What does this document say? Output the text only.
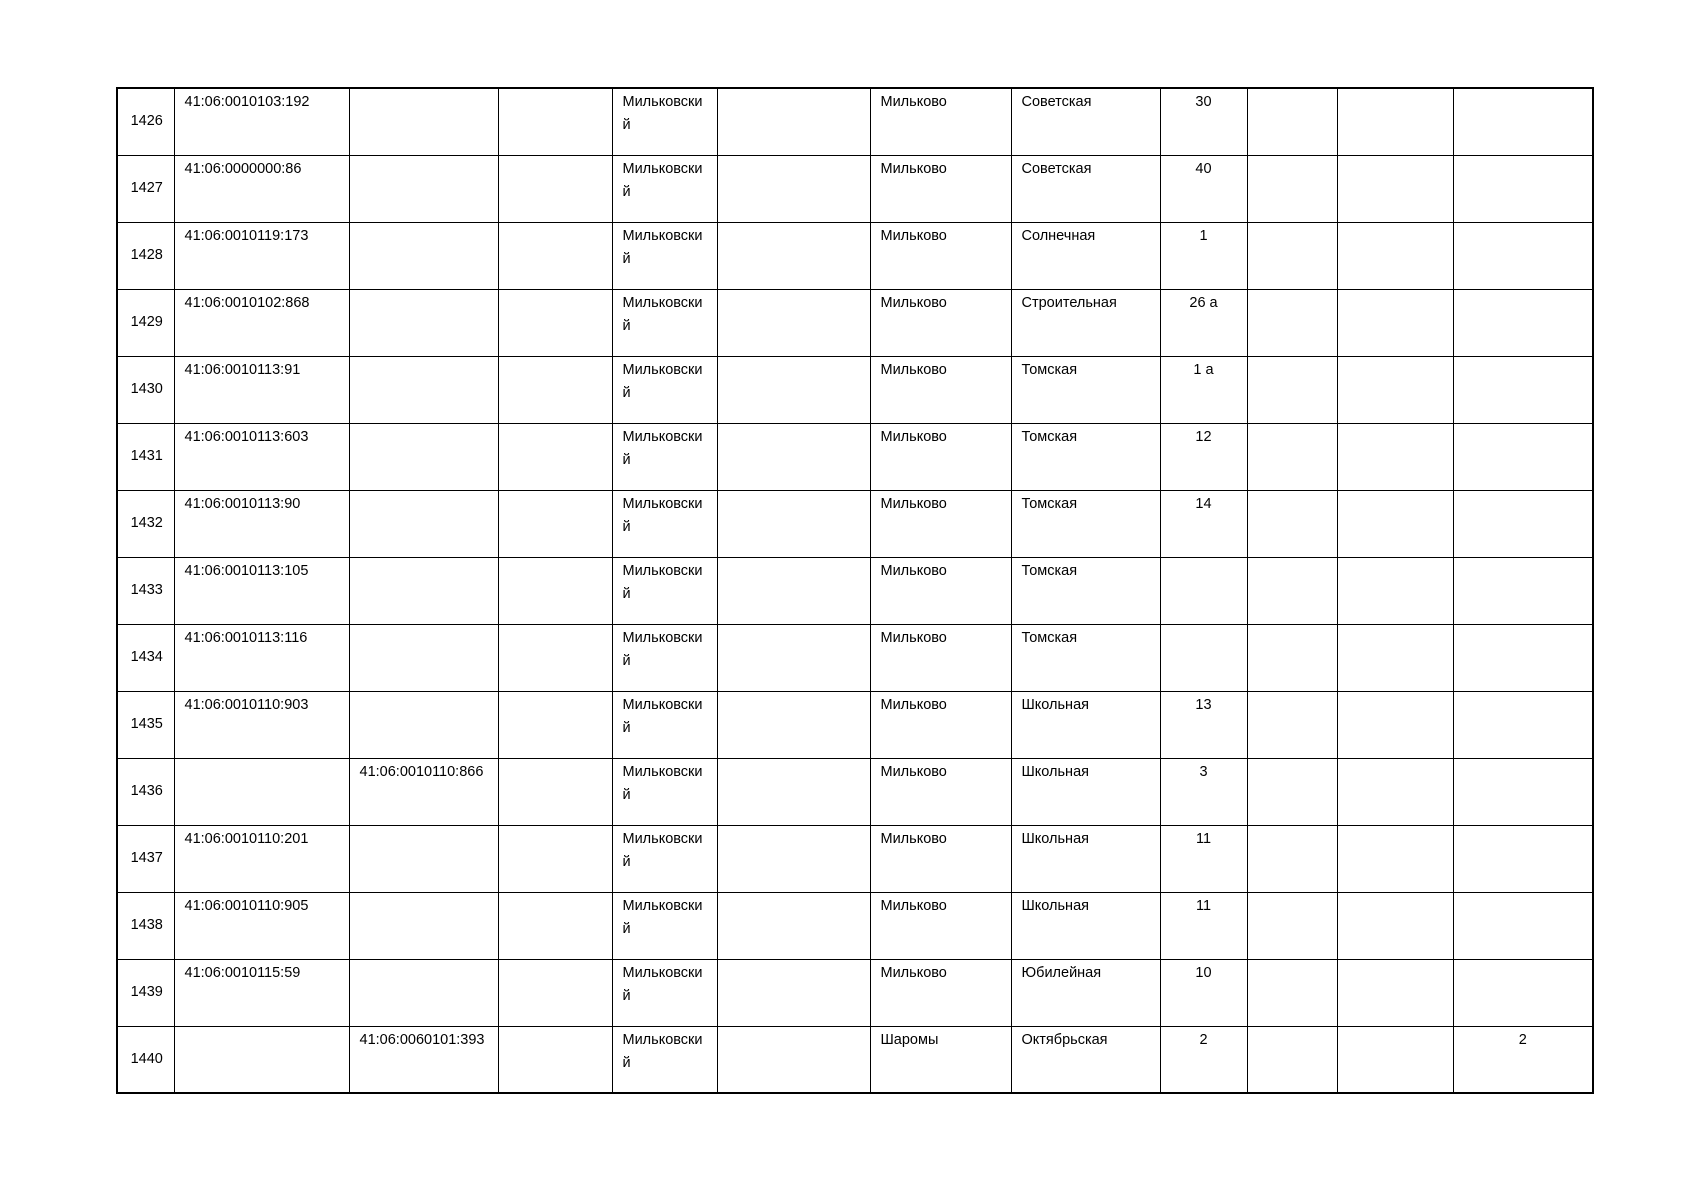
1426	41:06:0010103:192			Мильковский		Мильково	Советская	30			

1427	41:06:0000000:86			Мильковский		Мильково	Советская	40			

1428	41:06:0010119:173			Мильковский		Мильково	Солнечная	1			

1429	41:06:0010102:868			Мильковский		Мильково	Строительная	26 а			

1430	41:06:0010113:91			Мильковский		Мильково	Томская	1 а			

1431	41:06:0010113:603			Мильковский		Мильково	Томская	12			

1432	41:06:0010113:90			Мильковский		Мильково	Томская	14			

1433	41:06:0010113:105			Мильковский		Мильково	Томская				

1434	41:06:0010113:116			Мильковский		Мильково	Томская				

1435	41:06:0010110:903			Мильковский		Мильково	Школьная	13			

1436		41:06:0010110:866		Мильковский		Мильково	Школьная	3			

1437	41:06:0010110:201			Мильковский		Мильково	Школьная	11			

1438	41:06:0010110:905			Мильковский		Мильково	Школьная	11			

1439	41:06:0010115:59			Мильковский		Мильково	Юбилейная	10			

1440		41:06:0060101:393		Мильковский		Шаромы	Октябрьская	2			2
